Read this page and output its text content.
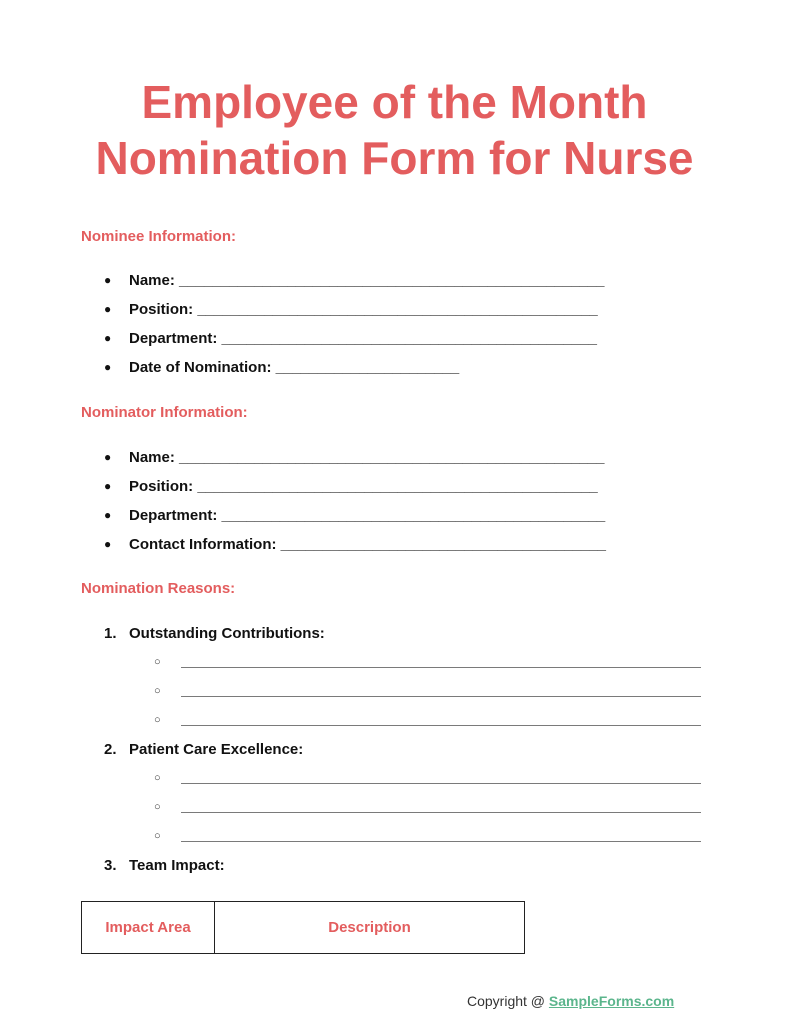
Employee of the Month
Nomination Form for Nurse
Nominee Information:
● Name: ___________________________________________________
● Position: ________________________________________________
● Department: _____________________________________________
● Date of Nomination: ______________________
Nominator Information:
● Name: ___________________________________________________
● Position: ________________________________________________
● Department: ______________________________________________
● Contact Information: _______________________________________
Nomination Reasons:
1. Outstanding Contributions:
○
○
○
2. Patient Care Excellence:
○
○
○
3. Team Impact:
Impact Area	Description
Copyright @ SampleForms.com
